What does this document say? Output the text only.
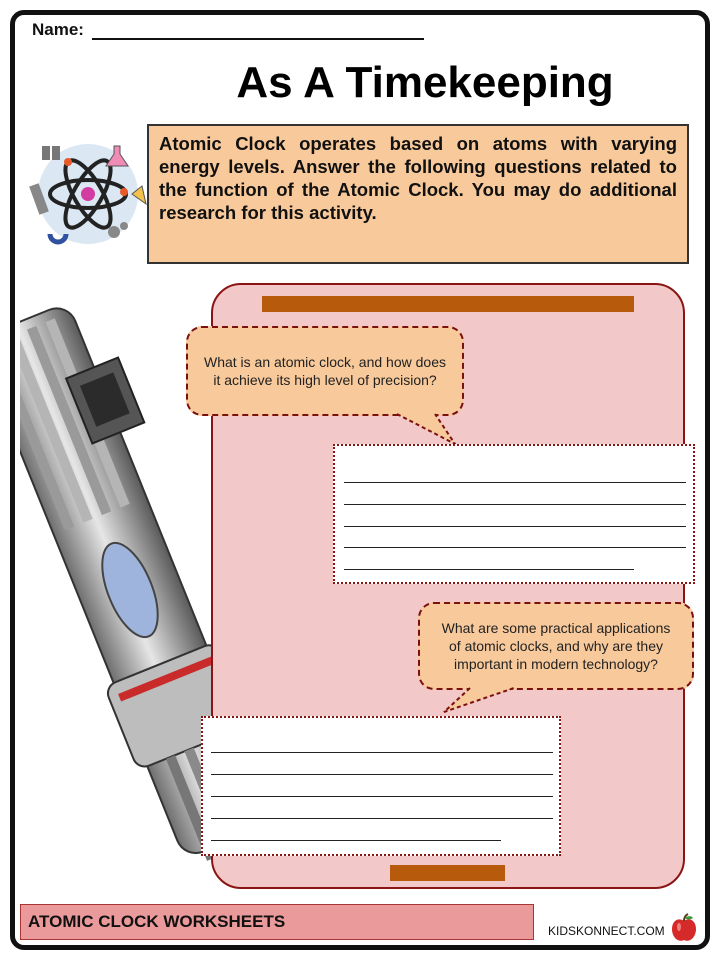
Name:
As A Timekeeping
Atomic Clock operates based on atoms with varying energy levels. Answer the following questions related to the function of the Atomic Clock. You may do additional research for this activity.
What is an atomic clock, and how does it achieve its high level of precision?
What are some practical applications of atomic clocks, and why are they important in modern technology?
ATOMIC CLOCK WORKSHEETS	KIDSKONNECT.COM
